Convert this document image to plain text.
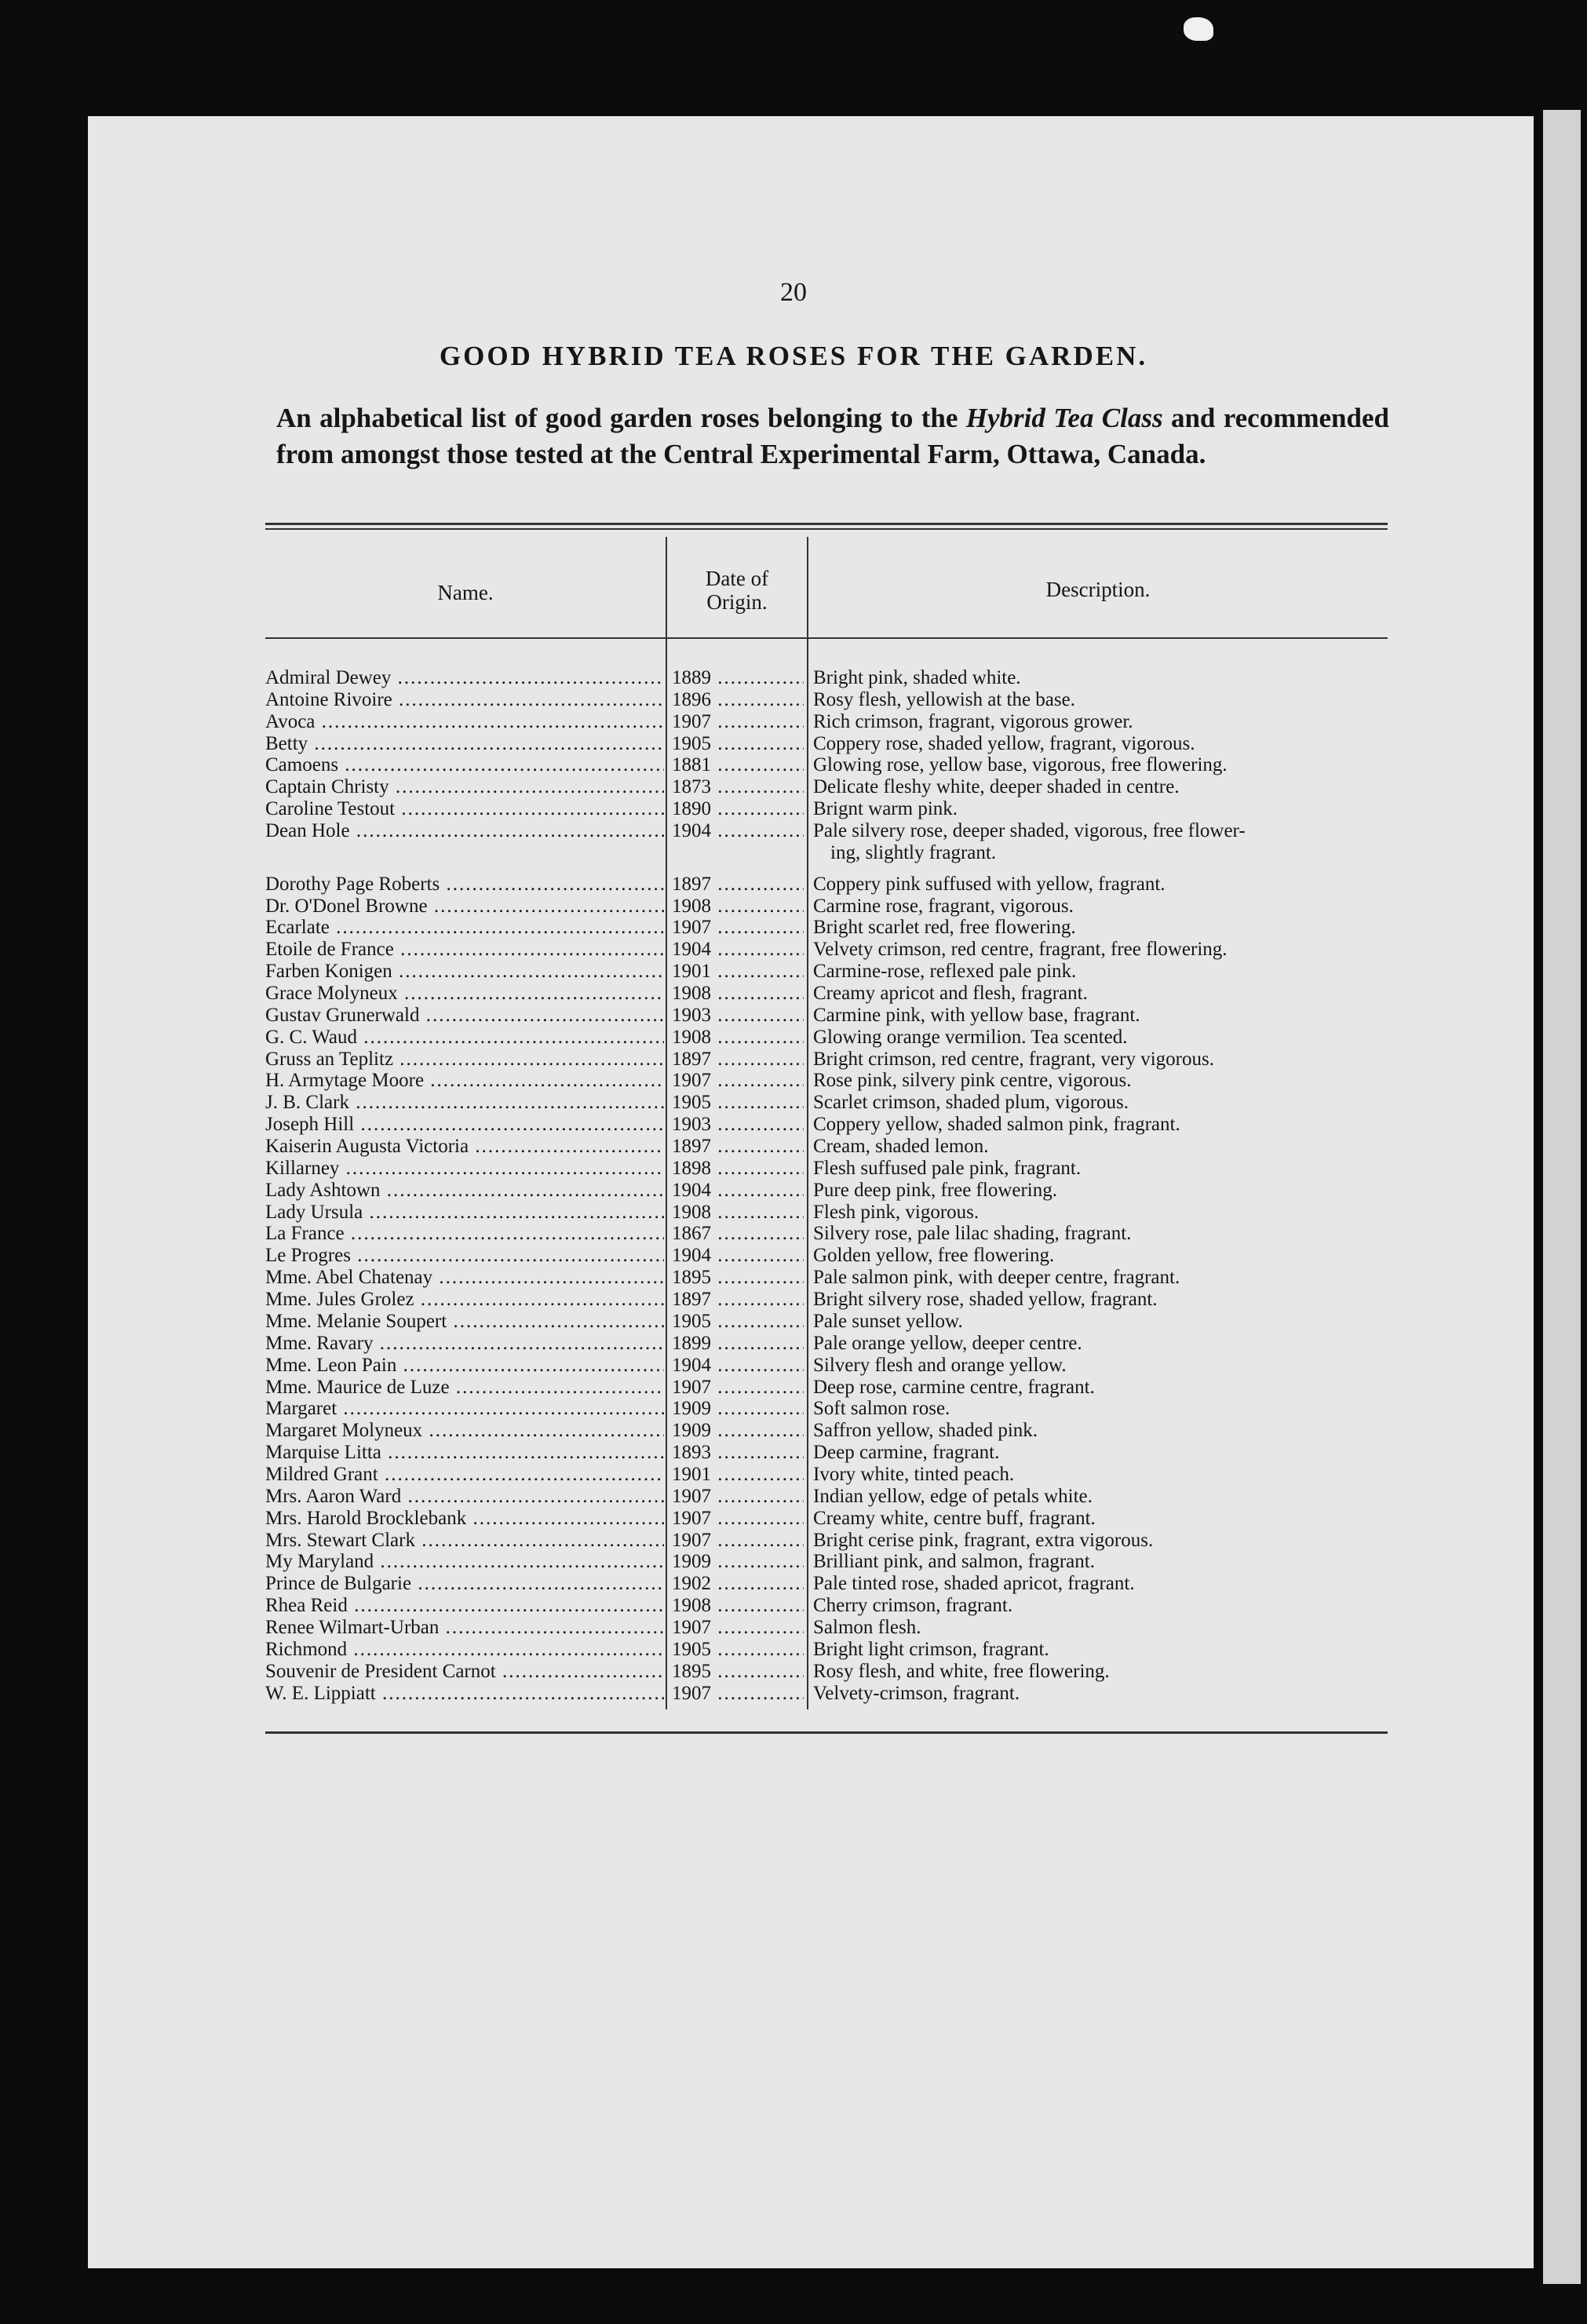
20
GOOD HYBRID TEA ROSES FOR THE GARDEN.
An alphabetical list of good garden roses belonging to the Hybrid Tea Class and recommended from amongst those tested at the Central Experimental Farm, Ottawa, Canada.
Name.
Date of
Origin.
Description.
Admiral Dewey .....	1889 .....	Bright pink, shaded white.
Antoine Rivoire .....	1896 .....	Rosy flesh, yellowish at the base.
Avoca .....	1907 .....	Rich crimson, fragrant, vigorous grower.
Betty .....	1905 .....	Coppery rose, shaded yellow, fragrant, vigorous.
Camoens .....	1881 .....	Glowing rose, yellow base, vigorous, free flowering.
Captain Christy .....	1873 .....	Delicate fleshy white, deeper shaded in centre.
Caroline Testout .....	1890 .....	Brignt warm pink.
Dean Hole .....	1904 .....	Pale silvery rose, deeper shaded, vigorous, free flower-
ing, slightly fragrant.
Dorothy Page Roberts .....	1897 .....	Coppery pink suffused with yellow, fragrant.
Dr. O'Donel Browne .....	1908 .....	Carmine rose, fragrant, vigorous.
Ecarlate .....	1907 .....	Bright scarlet red, free flowering.
Etoile de France .....	1904 .....	Velvety crimson, red centre, fragrant, free flowering.
Farben Konigen .....	1901 .....	Carmine-rose, reflexed pale pink.
Grace Molyneux .....	1908 .....	Creamy apricot and flesh, fragrant.
Gustav Grunerwald .....	1903 .....	Carmine pink, with yellow base, fragrant.
G. C. Waud .....	1908 .....	Glowing orange vermilion. Tea scented.
Gruss an Teplitz .....	1897 .....	Bright crimson, red centre, fragrant, very vigorous.
H. Armytage Moore .....	1907 .....	Rose pink, silvery pink centre, vigorous.
J. B. Clark .....	1905 .....	Scarlet crimson, shaded plum, vigorous.
Joseph Hill .....	1903 .....	Coppery yellow, shaded salmon pink, fragrant.
Kaiserin Augusta Victoria .....	1897 .....	Cream, shaded lemon.
Killarney .....	1898 .....	Flesh suffused pale pink, fragrant.
Lady Ashtown .....	1904 .....	Pure deep pink, free flowering.
Lady Ursula .....	1908 .....	Flesh pink, vigorous.
La France .....	1867 .....	Silvery rose, pale lilac shading, fragrant.
Le Progres .....	1904 .....	Golden yellow, free flowering.
Mme. Abel Chatenay .....	1895 .....	Pale salmon pink, with deeper centre, fragrant.
Mme. Jules Grolez .....	1897 .....	Bright silvery rose, shaded yellow, fragrant.
Mme. Melanie Soupert .....	1905 .....	Pale sunset yellow.
Mme. Ravary .....	1899 .....	Pale orange yellow, deeper centre.
Mme. Leon Pain .....	1904 .....	Silvery flesh and orange yellow.
Mme. Maurice de Luze .....	1907 .....	Deep rose, carmine centre, fragrant.
Margaret .....	1909 .....	Soft salmon rose.
Margaret Molyneux .....	1909 .....	Saffron yellow, shaded pink.
Marquise Litta .....	1893 .....	Deep carmine, fragrant.
Mildred Grant .....	1901 .....	Ivory white, tinted peach.
Mrs. Aaron Ward .....	1907 .....	Indian yellow, edge of petals white.
Mrs. Harold Brocklebank .....	1907 .....	Creamy white, centre buff, fragrant.
Mrs. Stewart Clark .....	1907 .....	Bright cerise pink, fragrant, extra vigorous.
My Maryland .....	1909 .....	Brilliant pink, and salmon, fragrant.
Prince de Bulgarie .....	1902 .....	Pale tinted rose, shaded apricot, fragrant.
Rhea Reid .....	1908 .....	Cherry crimson, fragrant.
Renee Wilmart-Urban .....	1907 .....	Salmon flesh.
Richmond .....	1905 .....	Bright light crimson, fragrant.
Souvenir de President Carnot .....	1895 .....	Rosy flesh, and white, free flowering.
W. E. Lippiatt .....	1907 .....	Velvety-crimson, fragrant.
